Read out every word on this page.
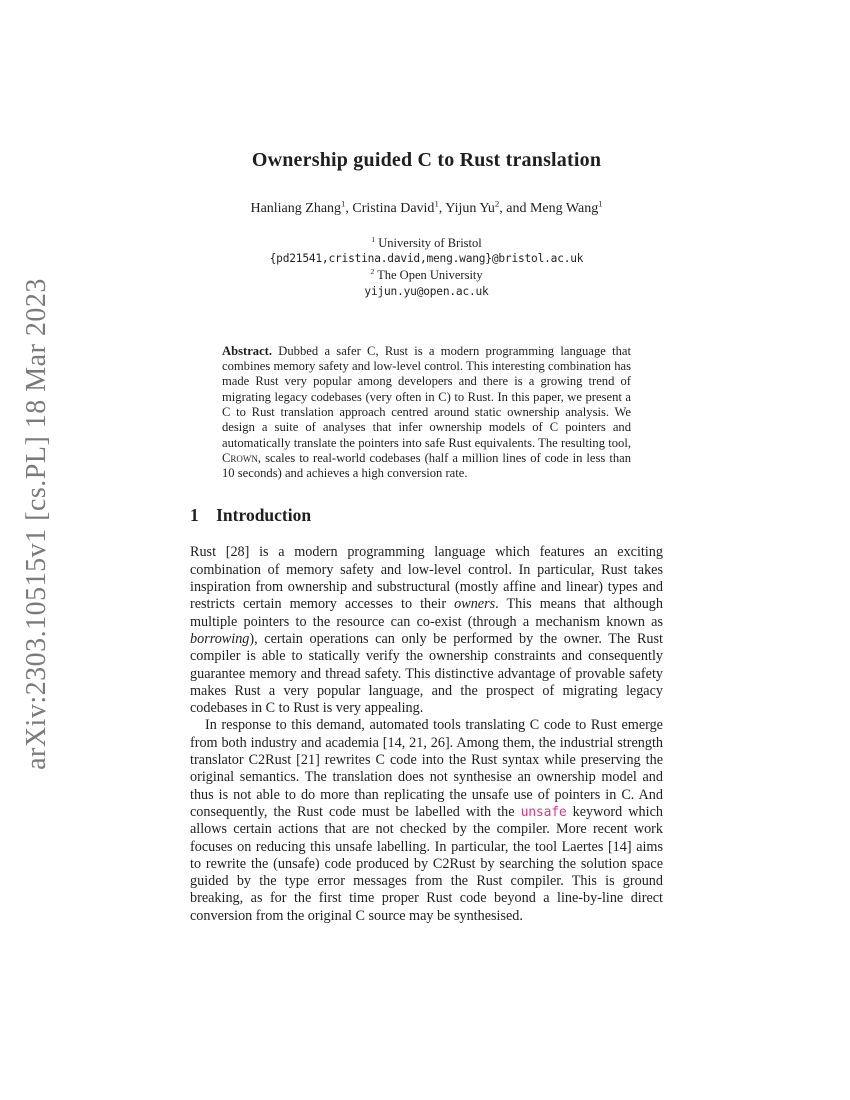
arXiv:2303.10515v1 [cs.PL] 18 Mar 2023
Ownership guided C to Rust translation
Hanliang Zhang$^1$, Cristina David$^1$, Yijun Yu$^2$, and Meng Wang$^1$
$^1$ University of Bristol
{pd21541,cristina.david,meng.wang}@bristol.ac.uk
$^2$ The Open University
yijun.yu@open.ac.uk
Abstract. Dubbed a safer C, Rust is a modern programming language that combines memory safety and low-level control. This interesting combination has made Rust very popular among developers and there is a growing trend of migrating legacy codebases (very often in C) to Rust. In this paper, we present a C to Rust translation approach centred around static ownership analysis. We design a suite of analyses that infer ownership models of C pointers and automatically translate the pointers into safe Rust equivalents. The resulting tool, Crown, scales to real-world codebases (half a million lines of code in less than 10 seconds) and achieves a high conversion rate.
1 Introduction

Rust [28] is a modern programming language which features an exciting combination of memory safety and low-level control. In particular, Rust takes inspiration from ownership and substructural (mostly affine and linear) types and restricts certain memory accesses to their owners. This means that although multiple pointers to the resource can co-exist (through a mechanism known as borrowing), certain operations can only be performed by the owner. The Rust compiler is able to statically verify the ownership constraints and consequently guarantee memory and thread safety. This distinctive advantage of provable safety makes Rust a very popular language, and the prospect of migrating legacy codebases in C to Rust is very appealing.

In response to this demand, automated tools translating C code to Rust emerge from both industry and academia [14, 21, 26]. Among them, the industrial strength translator C2Rust [21] rewrites C code into the Rust syntax while preserving the original semantics. The translation does not synthesise an ownership model and thus is not able to do more than replicating the unsafe use of pointers in C. And consequently, the Rust code must be labelled with the unsafe keyword which allows certain actions that are not checked by the compiler. More recent work focuses on reducing this unsafe labelling. In particular, the tool Laertes [14] aims to rewrite the (unsafe) code produced by C2Rust by searching the solution space guided by the type error messages from the Rust compiler. This is ground breaking, as for the first time proper Rust code beyond a line-by-line direct conversion from the original C source may be synthesised.
